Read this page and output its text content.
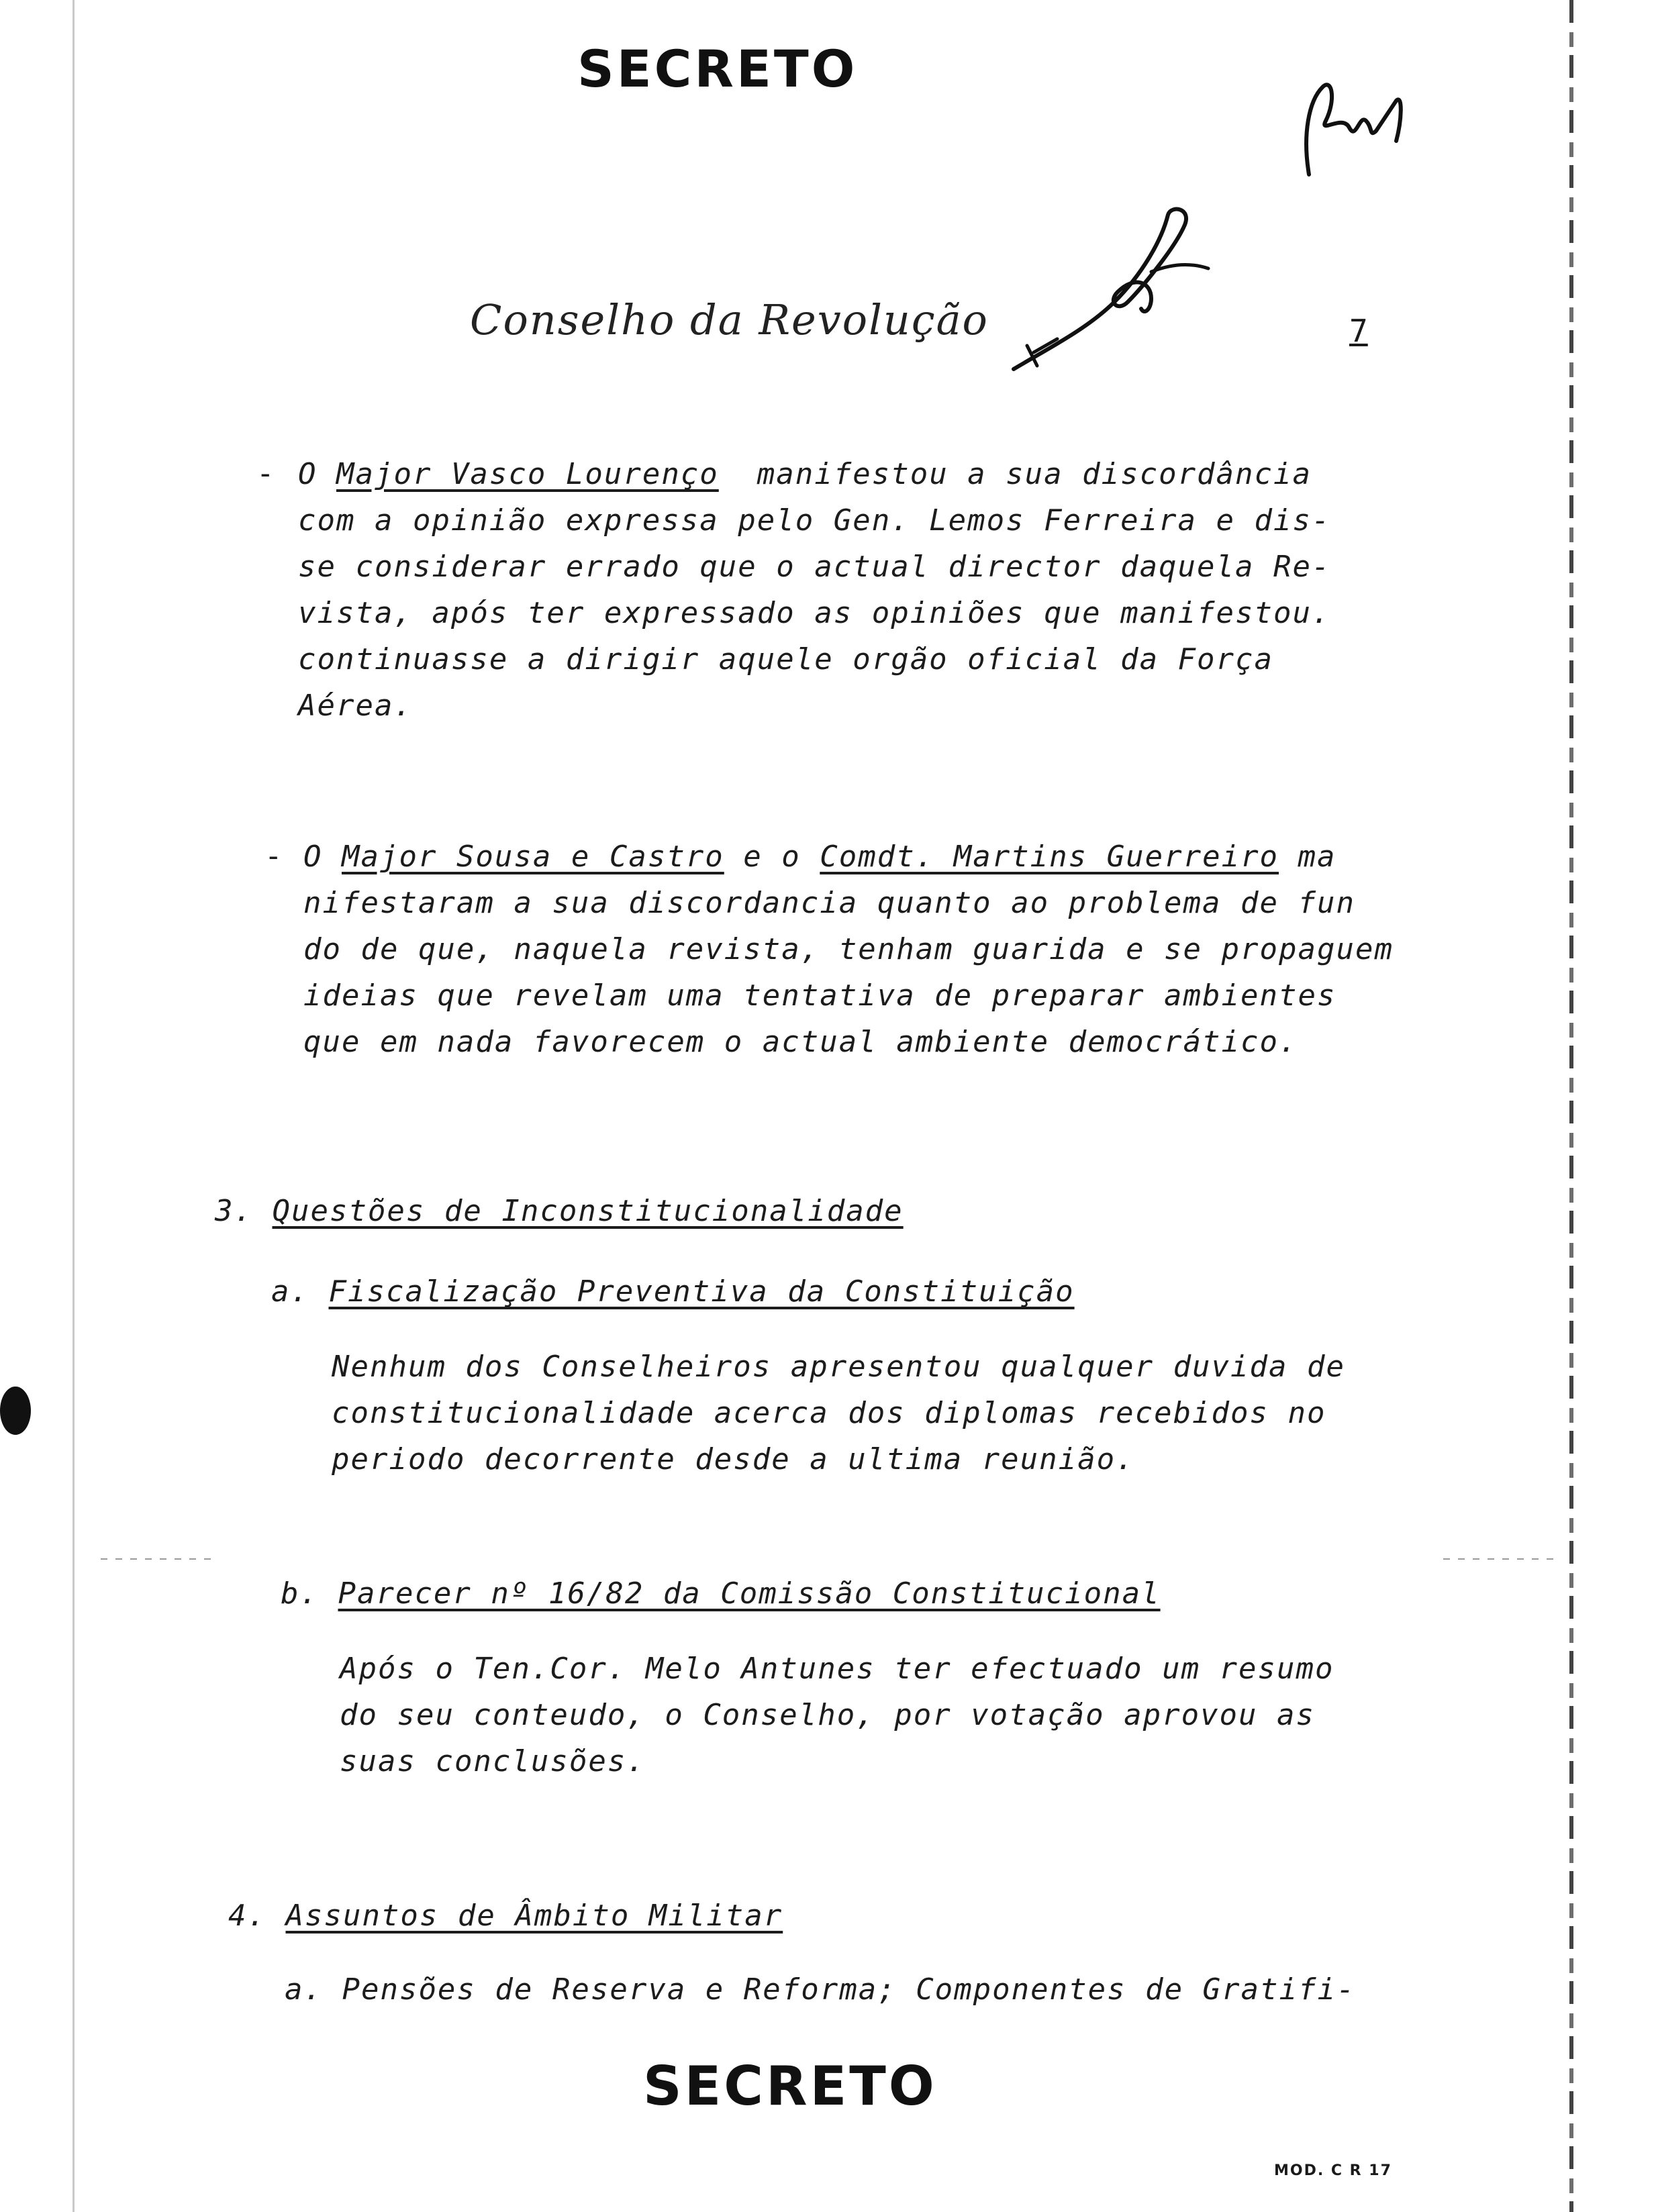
SECRETO
Conselho da Revolução	7
- O Major Vasco Lourenço manifestou a sua discordância
com a opinião expressa pelo Gen. Lemos Ferreira e dis-
se considerar errado que o actual director daquela Re-
vista, após ter expressado as opiniões que manifestou.
continuasse a dirigir aquele orgão oficial da Força
Aérea.
- O Major Sousa e Castro e o Comdt. Martins Guerreiro ma
nifestaram a sua discordancia quanto ao problema de fun
do de que, naquela revista, tenham guarida e se propaguem
ideias que revelam uma tentativa de preparar ambientes
que em nada favorecem o actual ambiente democrático.
3. Questões de Inconstitucionalidade
a. Fiscalização Preventiva da Constituição
Nenhum dos Conselheiros apresentou qualquer duvida de
constitucionalidade acerca dos diplomas recebidos no
periodo decorrente desde a ultima reunião.
b. Parecer nº 16/82 da Comissão Constitucional
Após o Ten.Cor. Melo Antunes ter efectuado um resumo
do seu conteudo, o Conselho, por votação aprovou as
suas conclusões.
4. Assuntos de Âmbito Militar
a. Pensões de Reserva e Reforma; Componentes de Gratifi-
SECRETO
MOD. C R 17
